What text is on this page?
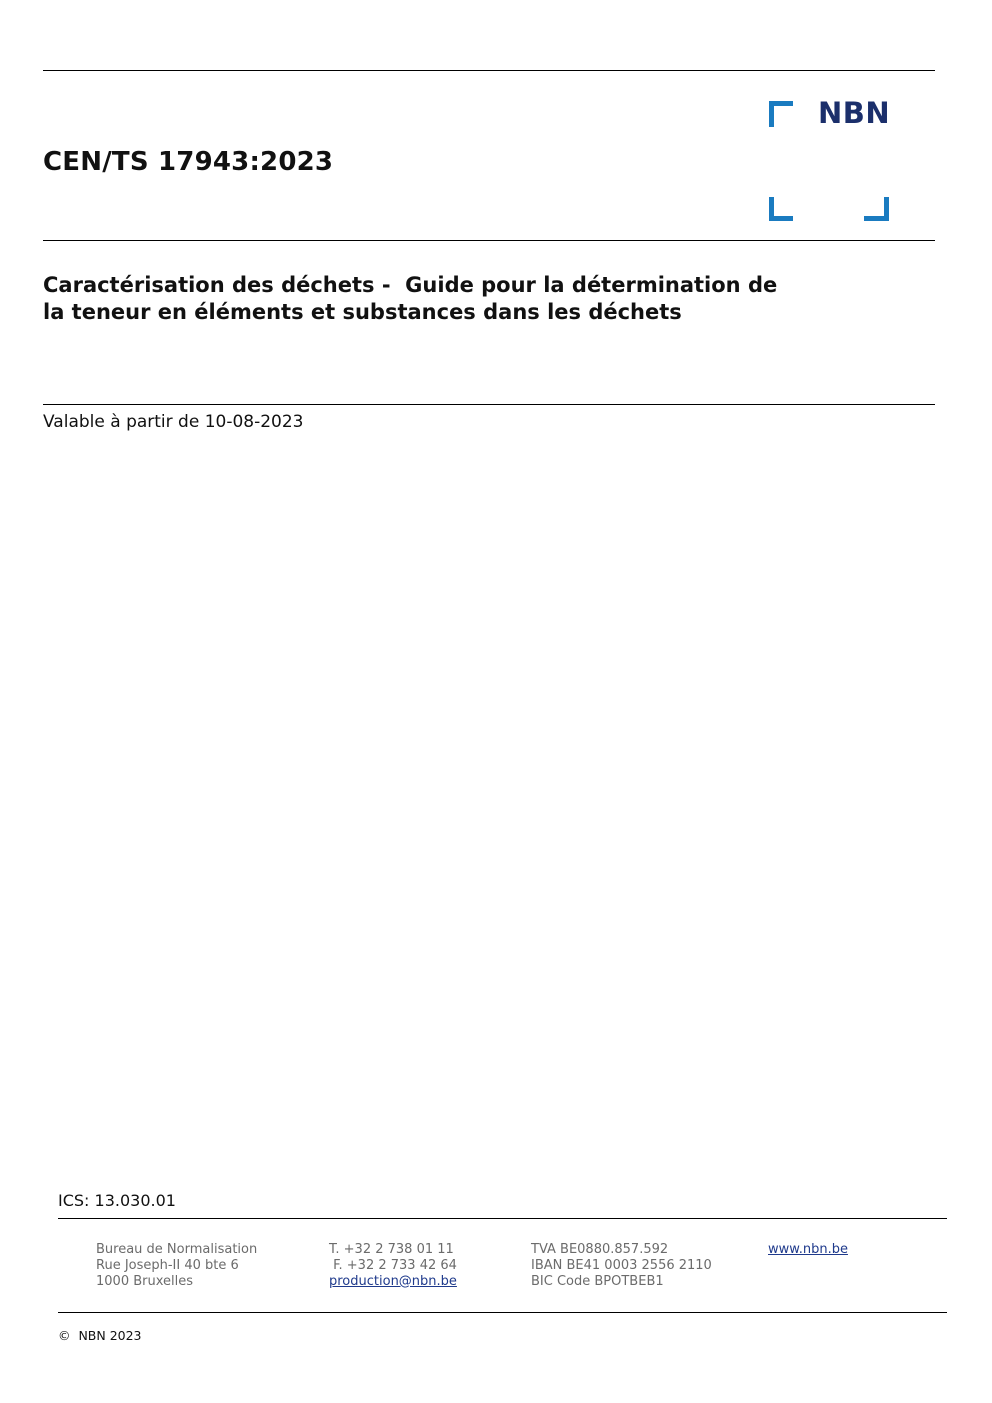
CEN/TS 17943:2023
NBN
Caractérisation des déchets -  Guide pour la détermination de
la teneur en éléments et substances dans les déchets
Valable à partir de 10-08-2023
ICS: 13.030.01
Bureau de Normalisation
Rue Joseph-II 40 bte 6
1000 Bruxelles
T. +32 2 738 01 11
F. +32 2 733 42 64
production@nbn.be
TVA BE0880.857.592
IBAN BE41 0003 2556 2110
BIC Code BPOTBEB1
www.nbn.be
©  NBN 2023
